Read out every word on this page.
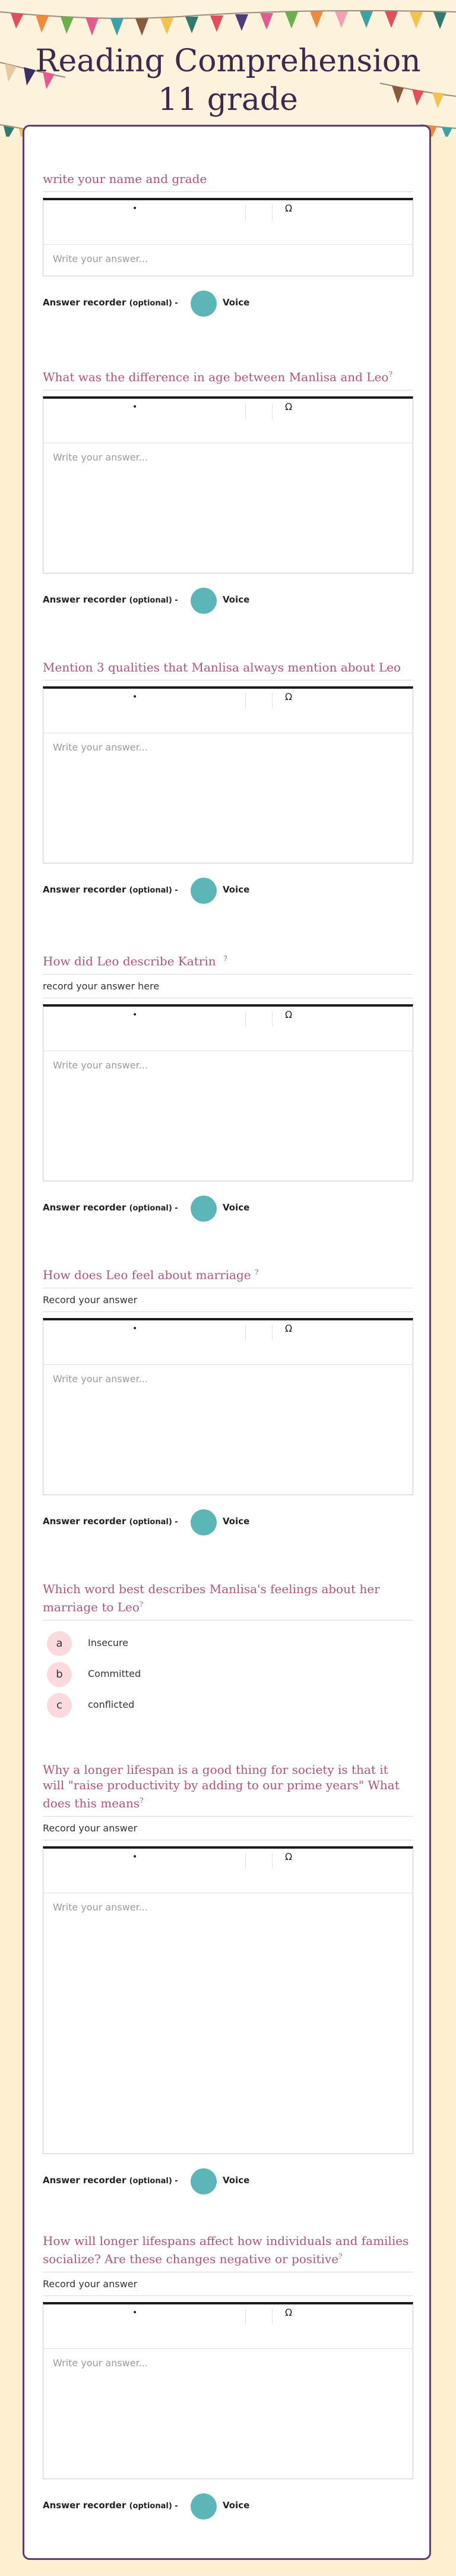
Reading Comprehension
11 grade
write your name and grade
•	Ω
Write your answer...
Answer recorder (optional) -	Voice
What was the difference in age between Manlisa and Leo?
•	Ω
Write your answer...
Answer recorder (optional) -	Voice
Mention 3 qualities that Manlisa always mention about Leo
•	Ω
Write your answer...
Answer recorder (optional) -	Voice
How did Leo describe Katrin ?
record your answer here
•	Ω
Write your answer...
Answer recorder (optional) -	Voice
How does Leo feel about marriage ?
Record your answer
•	Ω
Write your answer...
Answer recorder (optional) -	Voice
Which word best describes Manlisa's feelings about her marriage to Leo?
a	Insecure
b	Committed
c	conflicted
Why a longer lifespan is a good thing for society is that it will "raise productivity by adding to our prime years" What does this means?
Record your answer
•	Ω
Write your answer...
Answer recorder (optional) -	Voice
How will longer lifespans affect how individuals and families socialize? Are these changes negative or positive?
Record your answer
•	Ω
Write your answer...
Answer recorder (optional) -	Voice
